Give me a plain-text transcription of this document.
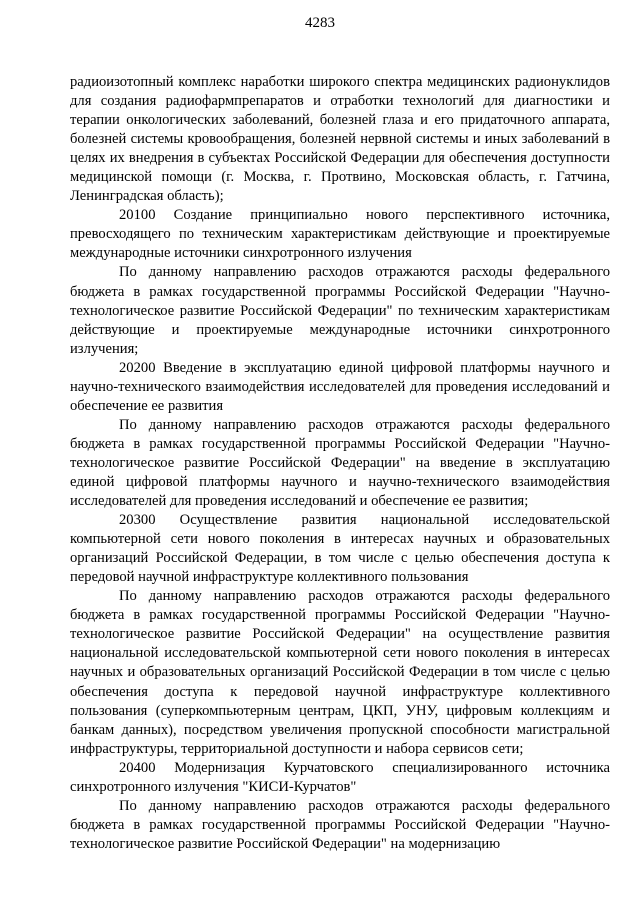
4283

радиоизотопный комплекс наработки широкого спектра медицинских радионуклидов для создания радиофармпрепаратов и отработки технологий для диагностики и терапии онкологических заболеваний, болезней глаза и его придаточного аппарата, болезней системы кровообращения, болезней нервной системы и иных заболеваний в целях их внедрения в субъектах Российской Федерации для обеспечения доступности медицинской помощи (г. Москва, г. Протвино, Московская область, г. Гатчина, Ленинградская область);

20100 Создание принципиально нового перспективного источника, превосходящего по техническим характеристикам действующие и проектируемые международные источники синхротронного излучения

По данному направлению расходов отражаются расходы федерального бюджета в рамках государственной программы Российской Федерации "Научно-технологическое развитие Российской Федерации" по техническим характеристикам действующие и проектируемые международные источники синхротронного излучения;

20200 Введение в эксплуатацию единой цифровой платформы научного и научно-технического взаимодействия исследователей для проведения исследований и обеспечение ее развития

По данному направлению расходов отражаются расходы федерального бюджета в рамках государственной программы Российской Федерации "Научно-технологическое развитие Российской Федерации" на введение в эксплуатацию единой цифровой платформы научного и научно-технического взаимодействия исследователей для проведения исследований и обеспечение ее развития;

20300 Осуществление развития национальной исследовательской компьютерной сети нового поколения в интересах научных и образовательных организаций Российской Федерации, в том числе с целью обеспечения доступа к передовой научной инфраструктуре коллективного пользования

По данному направлению расходов отражаются расходы федерального бюджета в рамках государственной программы Российской Федерации "Научно-технологическое развитие Российской Федерации" на осуществление развития национальной исследовательской компьютерной сети нового поколения в интересах научных и образовательных организаций Российской Федерации в том числе с целью обеспечения доступа к передовой научной инфраструктуре коллективного пользования (суперкомпьютерным центрам, ЦКП, УНУ, цифровым коллекциям и банкам данных), посредством увеличения пропускной способности магистральной инфраструктуры, территориальной доступности и набора сервисов сети;

20400 Модернизация Курчатовского специализированного источника синхротронного излучения "КИСИ-Курчатов"

По данному направлению расходов отражаются расходы федерального бюджета в рамках государственной программы Российской Федерации "Научно-технологическое развитие Российской Федерации" на модернизацию
